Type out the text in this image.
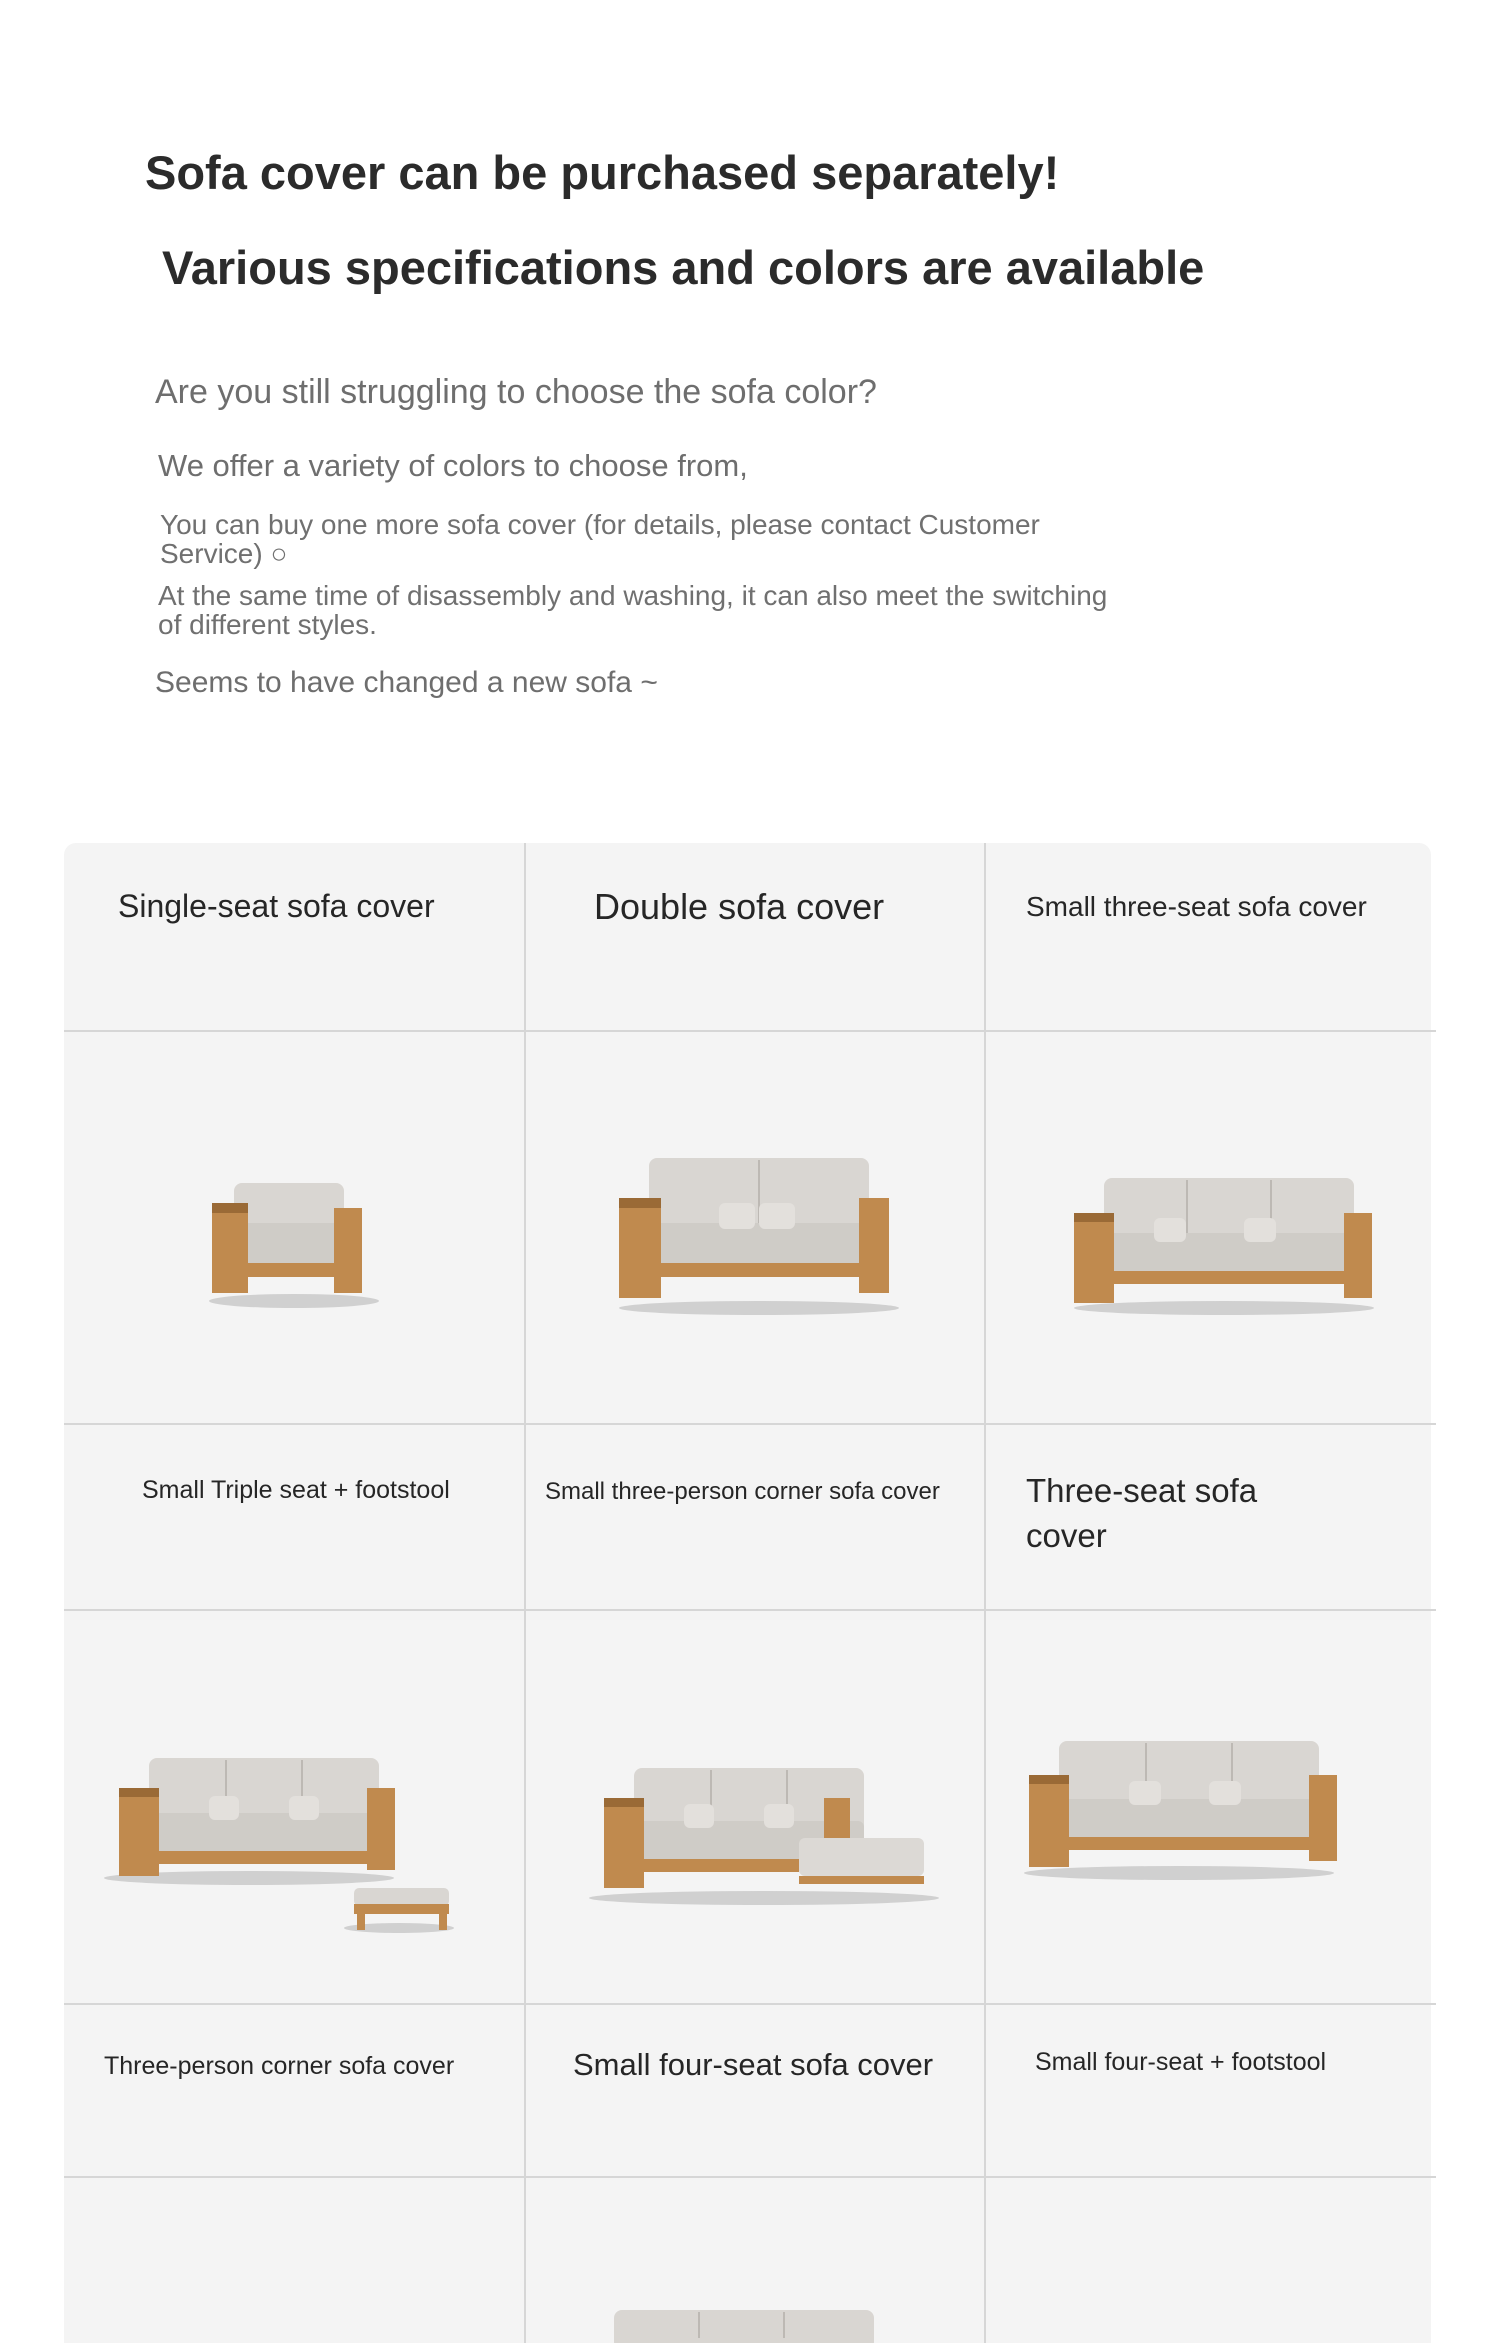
Sofa cover can be purchased separately!
Various specifications and colors are available

Are you still struggling to choose the sofa color?

We offer a variety of colors to choose from,

You can buy one more sofa cover (for details, please contact Customer Service) ○

At the same time of disassembly and washing, it can also meet the switching of different styles.

Seems to have changed a new sofa ~

Single-seat sofa cover	Double sofa cover	Small three-seat sofa cover
Small Triple seat + footstool	Small three-person corner sofa cover	Three-seat sofa cover
Three-person corner sofa cover	Small four-seat sofa cover	Small four-seat + footstool
